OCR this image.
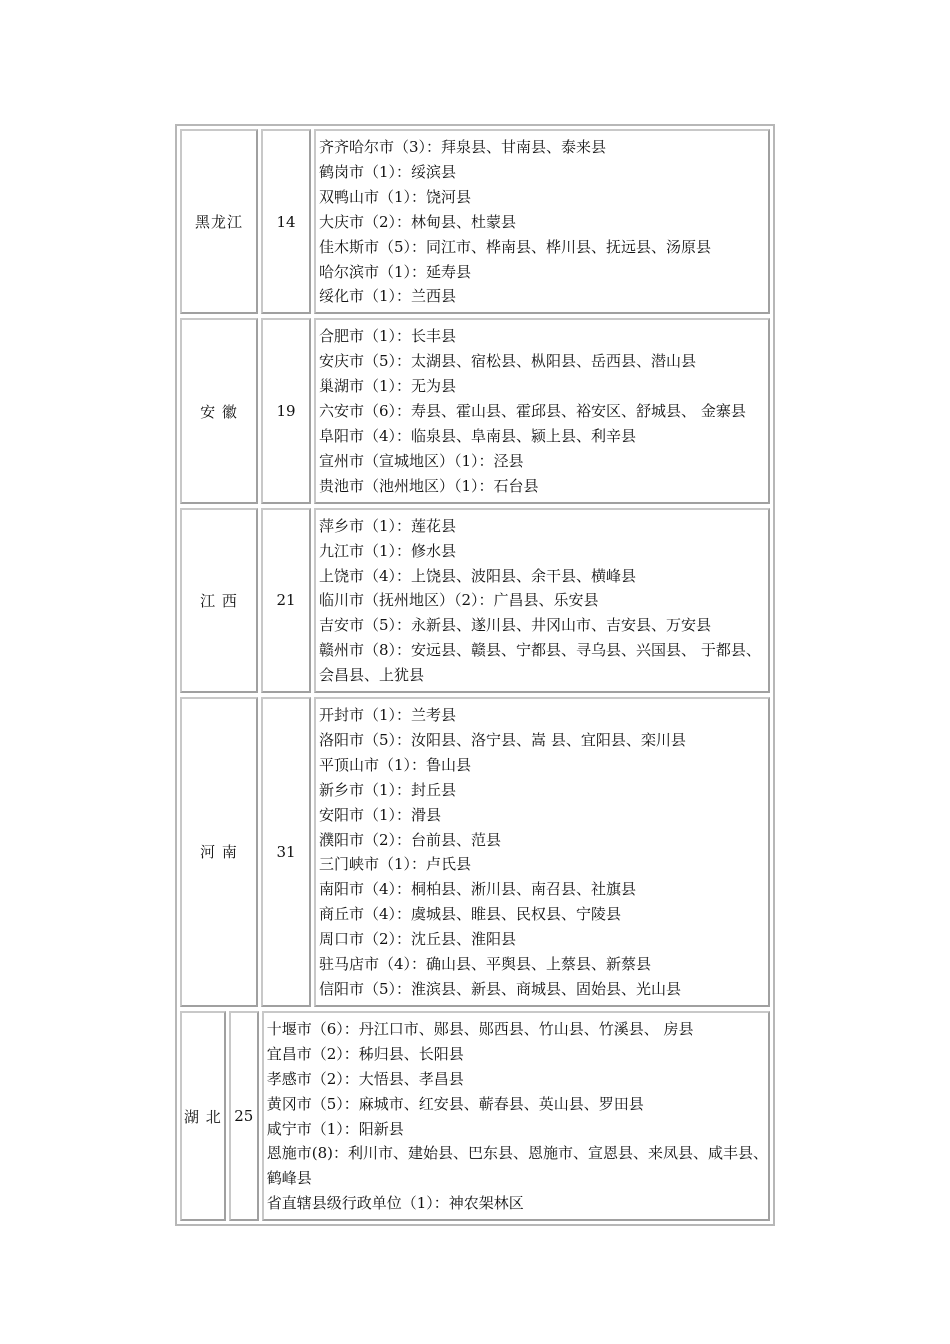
黑龙江	14
齐齐哈尔市（3）：拜泉县、甘南县、泰来县
鹤岗市（1）：绥滨县
双鸭山市（1）：饶河县
大庆市（2）：林甸县、杜蒙县
佳木斯市（5）：同江市、桦南县、桦川县、抚远县、汤原县
哈尔滨市（1）：延寿县
绥化市（1）：兰西县
安 徽	19
合肥市（1）：长丰县
安庆市（5）：太湖县、宿松县、枞阳县、岳西县、潜山县
巢湖市（1）：无为县
六安市（6）：寿县、霍山县、霍邱县、裕安区、舒城县、 金寨县
阜阳市（4）：临泉县、阜南县、颍上县、利辛县
宣州市（宣城地区）（1）：泾县
贵池市（池州地区）（1）：石台县
江 西	21
萍乡市（1）：莲花县
九江市（1）：修水县
上饶市（4）：上饶县、波阳县、余干县、横峰县
临川市（抚州地区）（2）：广昌县、乐安县
吉安市（5）：永新县、遂川县、井冈山市、吉安县、万安县
赣州市（8）：安远县、赣县、宁都县、寻乌县、兴国县、 于都县、
会昌县、上犹县
河 南	31
开封市（1）：兰考县
洛阳市（5）：汝阳县、洛宁县、嵩 县、宜阳县、栾川县
平顶山市（1）：鲁山县
新乡市（1）：封丘县
安阳市（1）：滑县
濮阳市（2）：台前县、范县
三门峡市（1）：卢氏县
南阳市（4）：桐柏县、淅川县、南召县、社旗县
商丘市（4）：虞城县、睢县、民权县、宁陵县
周口市（2）：沈丘县、淮阳县
驻马店市（4）：确山县、平舆县、上蔡县、新蔡县
信阳市（5）：淮滨县、新县、商城县、固始县、光山县
湖 北 25
十堰市（6）：丹江口市、郧县、郧西县、竹山县、竹溪县、 房县
宜昌市（2）：秭归县、长阳县
孝感市（2）：大悟县、孝昌县
黄冈市（5）：麻城市、红安县、蕲春县、英山县、罗田县
咸宁市（1）：阳新县
恩施市(8)：利川市、建始县、巴东县、恩施市、宣恩县、来凤县、咸丰县、
鹤峰县
省直辖县级行政单位（1）：神农架林区
